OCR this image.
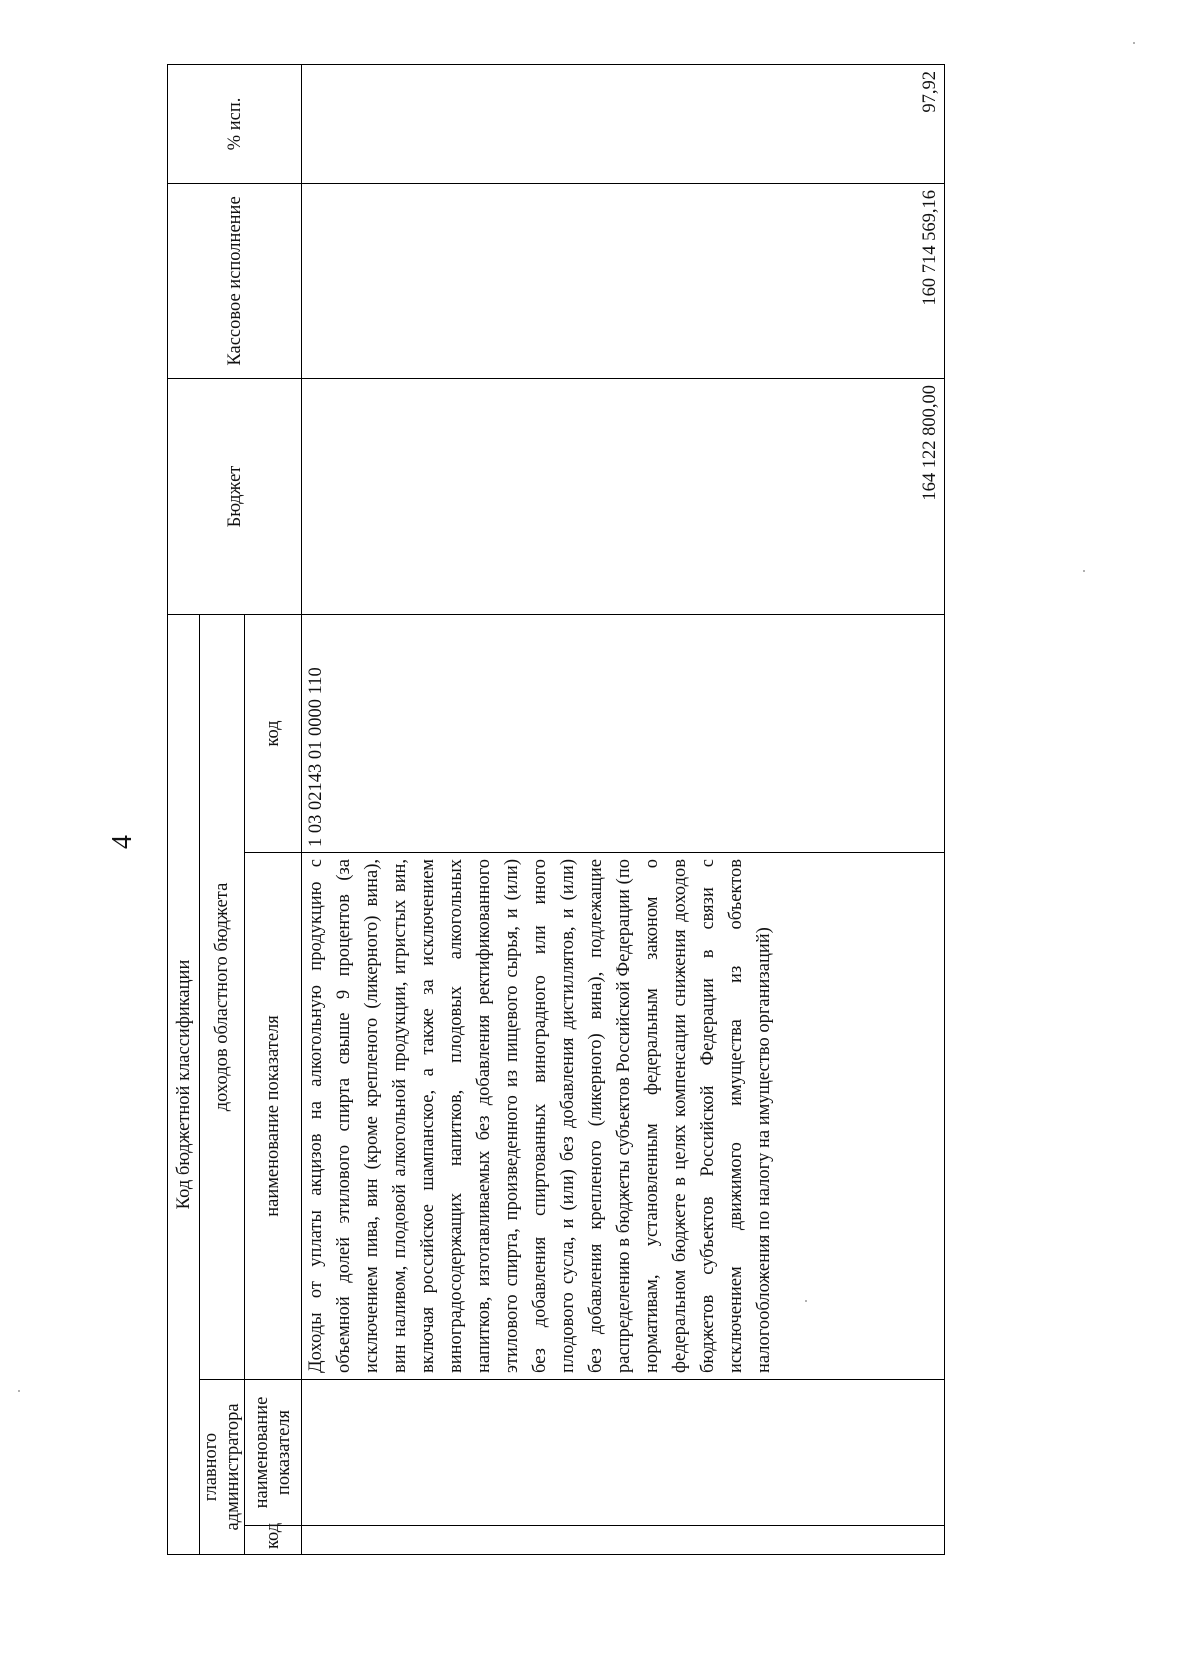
4
Код бюджетной классификации				Бюджет	Кассовое исполнение	% исп.
главного администратора		доходов областного бюджета				
код	наименование показателя	наименование показателя	код			
		Доходы от уплаты акцизов на алкогольную продукцию с объемной долей этилового спирта свыше 9 процентов (за исключением пива, вин (кроме крепленого (ликерного) вина), вин наливом, плодовой алкогольной продукции, игристых вин, включая российское шампанское, а также за исключением виноградосодержащих напитков, плодовых алкогольных напитков, изготавливаемых без добавления ректификованного этилового спирта, произведенного из пищевого сырья, и (или) без добавления спиртованных виноградного или иного плодового сусла, и (или) без добавления дистиллятов, и (или) без добавления крепленого (ликерного) вина), подлежащие распределению в бюджеты субъектов Российской Федерации (по нормативам, установленным федеральным законом о федеральном бюджете в целях компенсации снижения доходов бюджетов субъектов Российской Федерации в связи с исключением движимого имущества из объектов налогообложения по налогу на имущество организаций)	1 03 02143 01 0000 110	164 122 800,00	160 714 569,16	97,92
